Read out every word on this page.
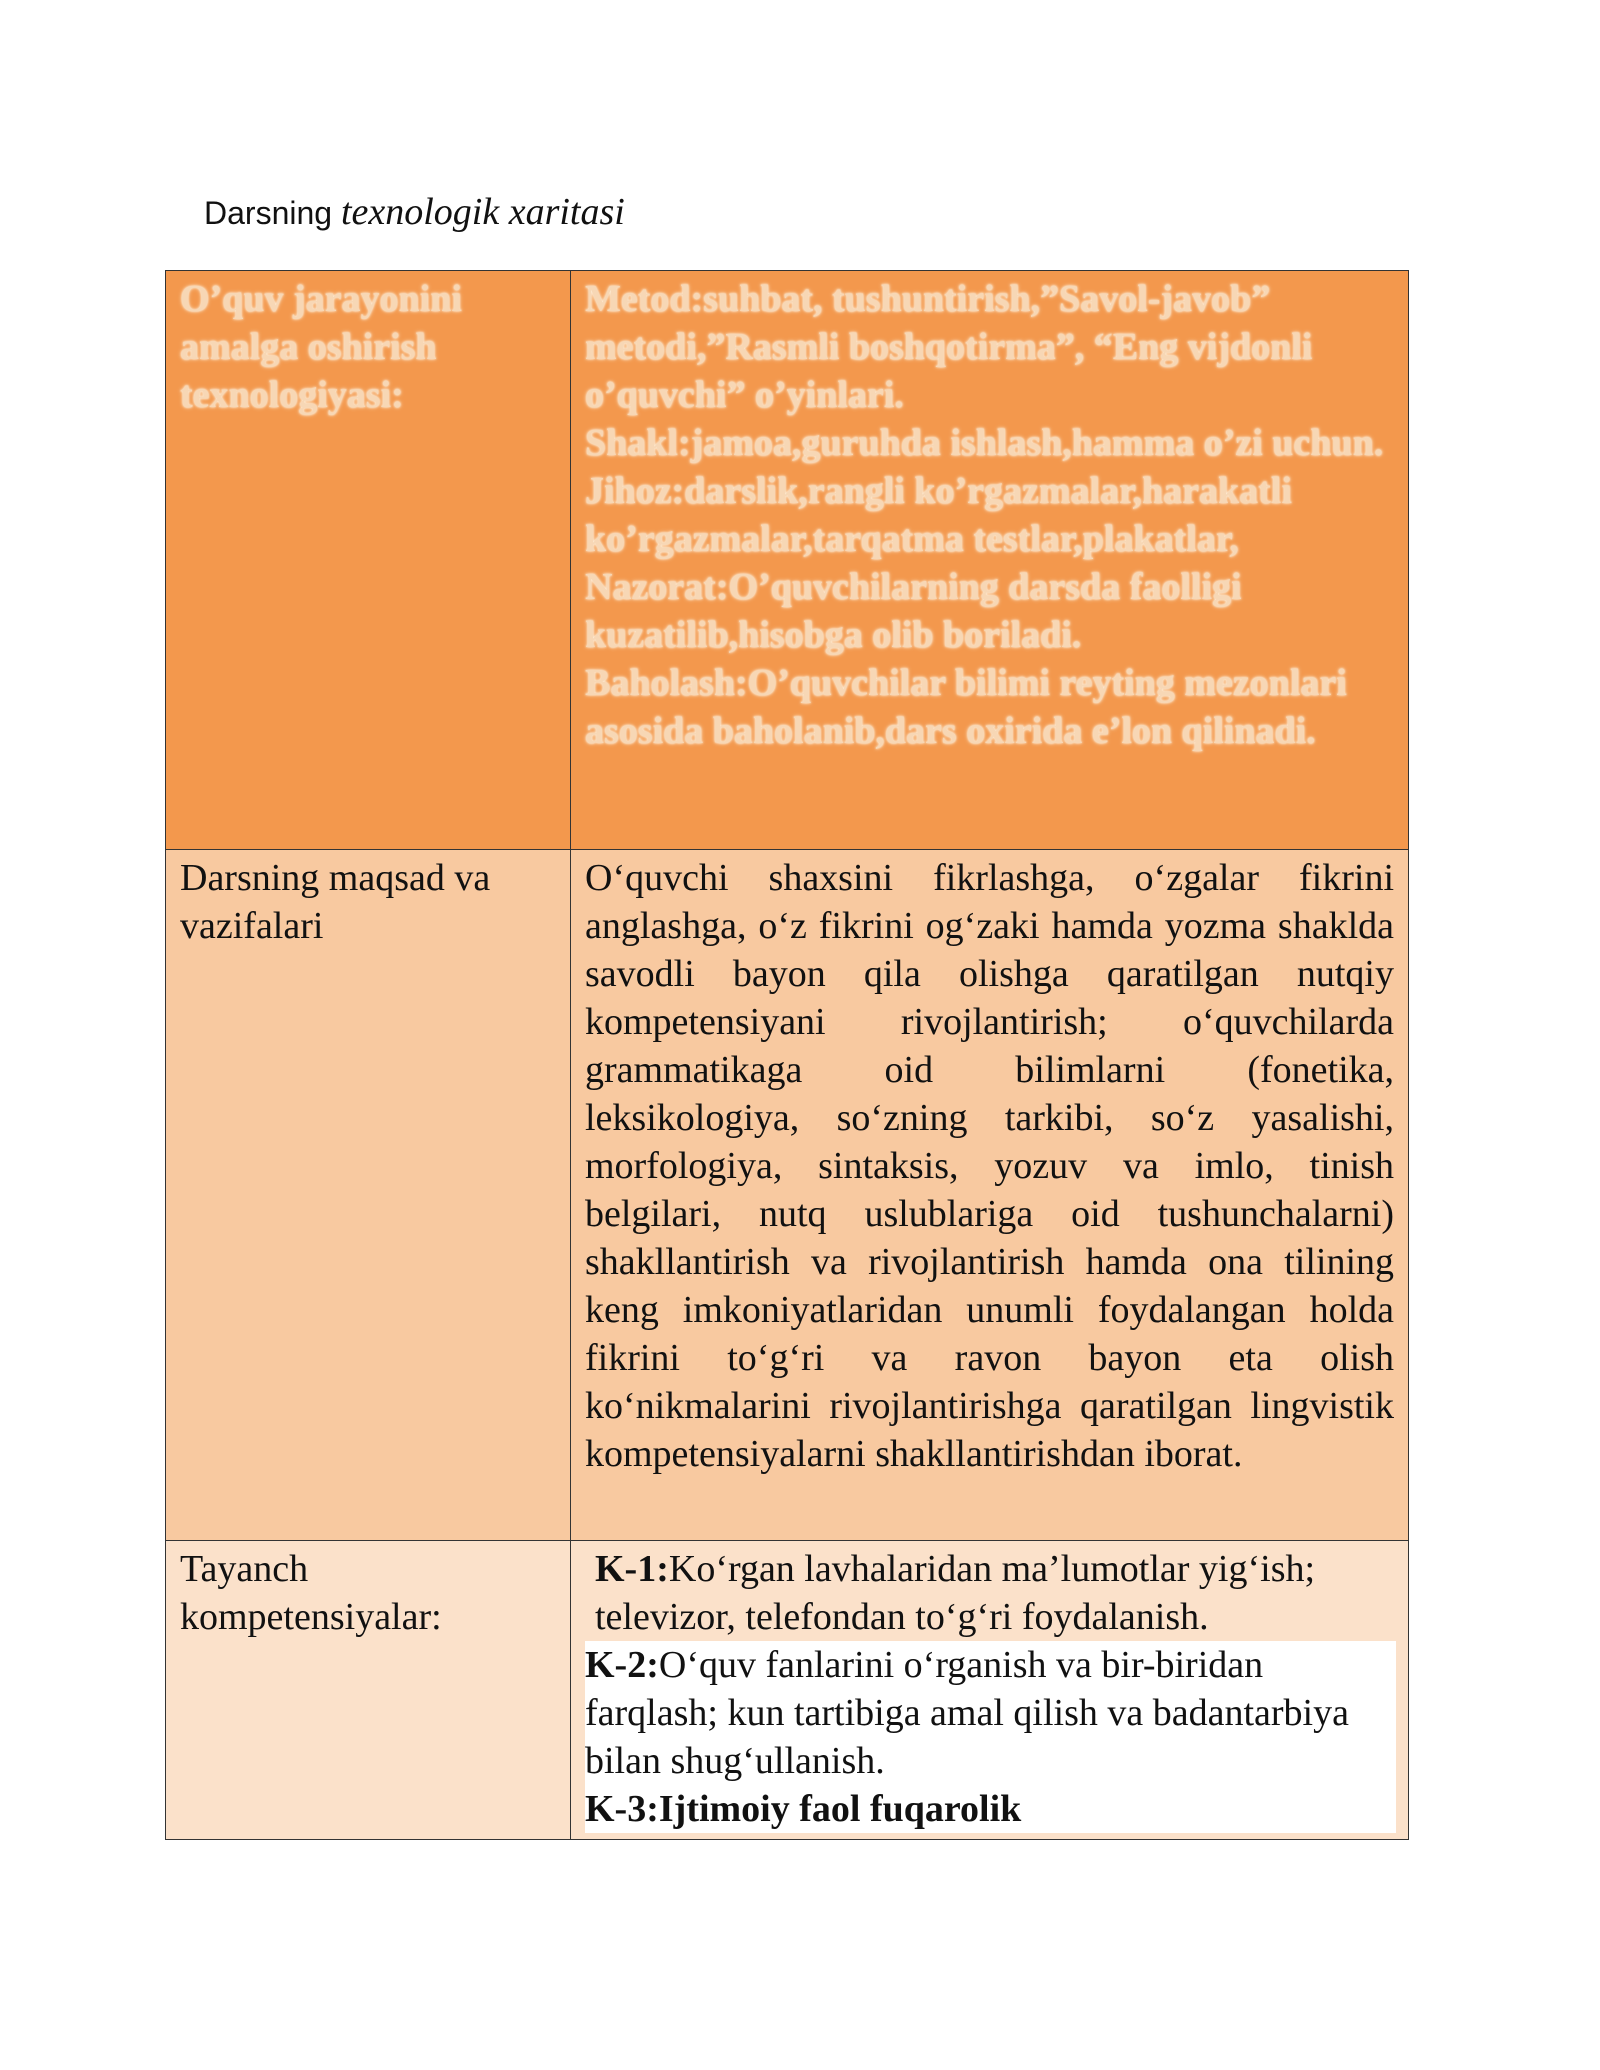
Darsning texnologik xaritasi
O’quv jarayonini amalga oshirish texnologiyasi:	Metod:suhbat, tushuntirish,”Savol-javob” metodi,”Rasmli boshqotirma”, “Eng vijdonli o’quvchi” o’yinlari.

Shakl:jamoa,guruhda ishlash,hamma o’zi uchun.

Jihoz:darslik,rangli ko’rgazmalar,harakatli ko’rgazmalar,tarqatma testlar,plakatlar,

Nazorat:O’quvchilarning darsda faolligi kuzatilib,hisobga olib boriladi.

Baholash:O’quvchilar bilimi reyting mezonlari asosida baholanib,dars oxirida e’lon qilinadi.

Darsning maqsad va vazifalari	O‘quvchi shaxsini fikrlashga, o‘zgalar fikrini anglashga, o‘z fikrini og‘zaki hamda yozma shaklda savodli bayon qila olishga qaratilgan nutqiy kompetensiyani rivojlantirish; o‘quvchilarda grammatikaga oid bilimlarni (fonetika, leksikologiya, so‘zning tarkibi, so‘z yasalishi, morfologiya, sintaksis, yozuv va imlo, tinish belgilari, nutq uslublariga oid tushunchalarni) shakllantirish va rivojlantirish hamda ona tilining keng imkoniyatlaridan unumli foydalangan holda fikrini to‘g‘ri va ravon bayon eta olish ko‘nikmalarini rivojlantirishga qaratilgan lingvistik kompetensiyalarni shakllantirishdan iborat.

Tayanch kompetensiyalar:	K-1:Ko‘rgan lavhalaridan ma’lumotlar yig‘ish; televizor, telefondan to‘g‘ri foydalanish.

K-2:O‘quv fanlarini o‘rganish va bir-biridan farqlash; kun tartibiga amal qilish va badantarbiya bilan shug‘ullanish.

K-3:Ijtimoiy faol fuqarolik
